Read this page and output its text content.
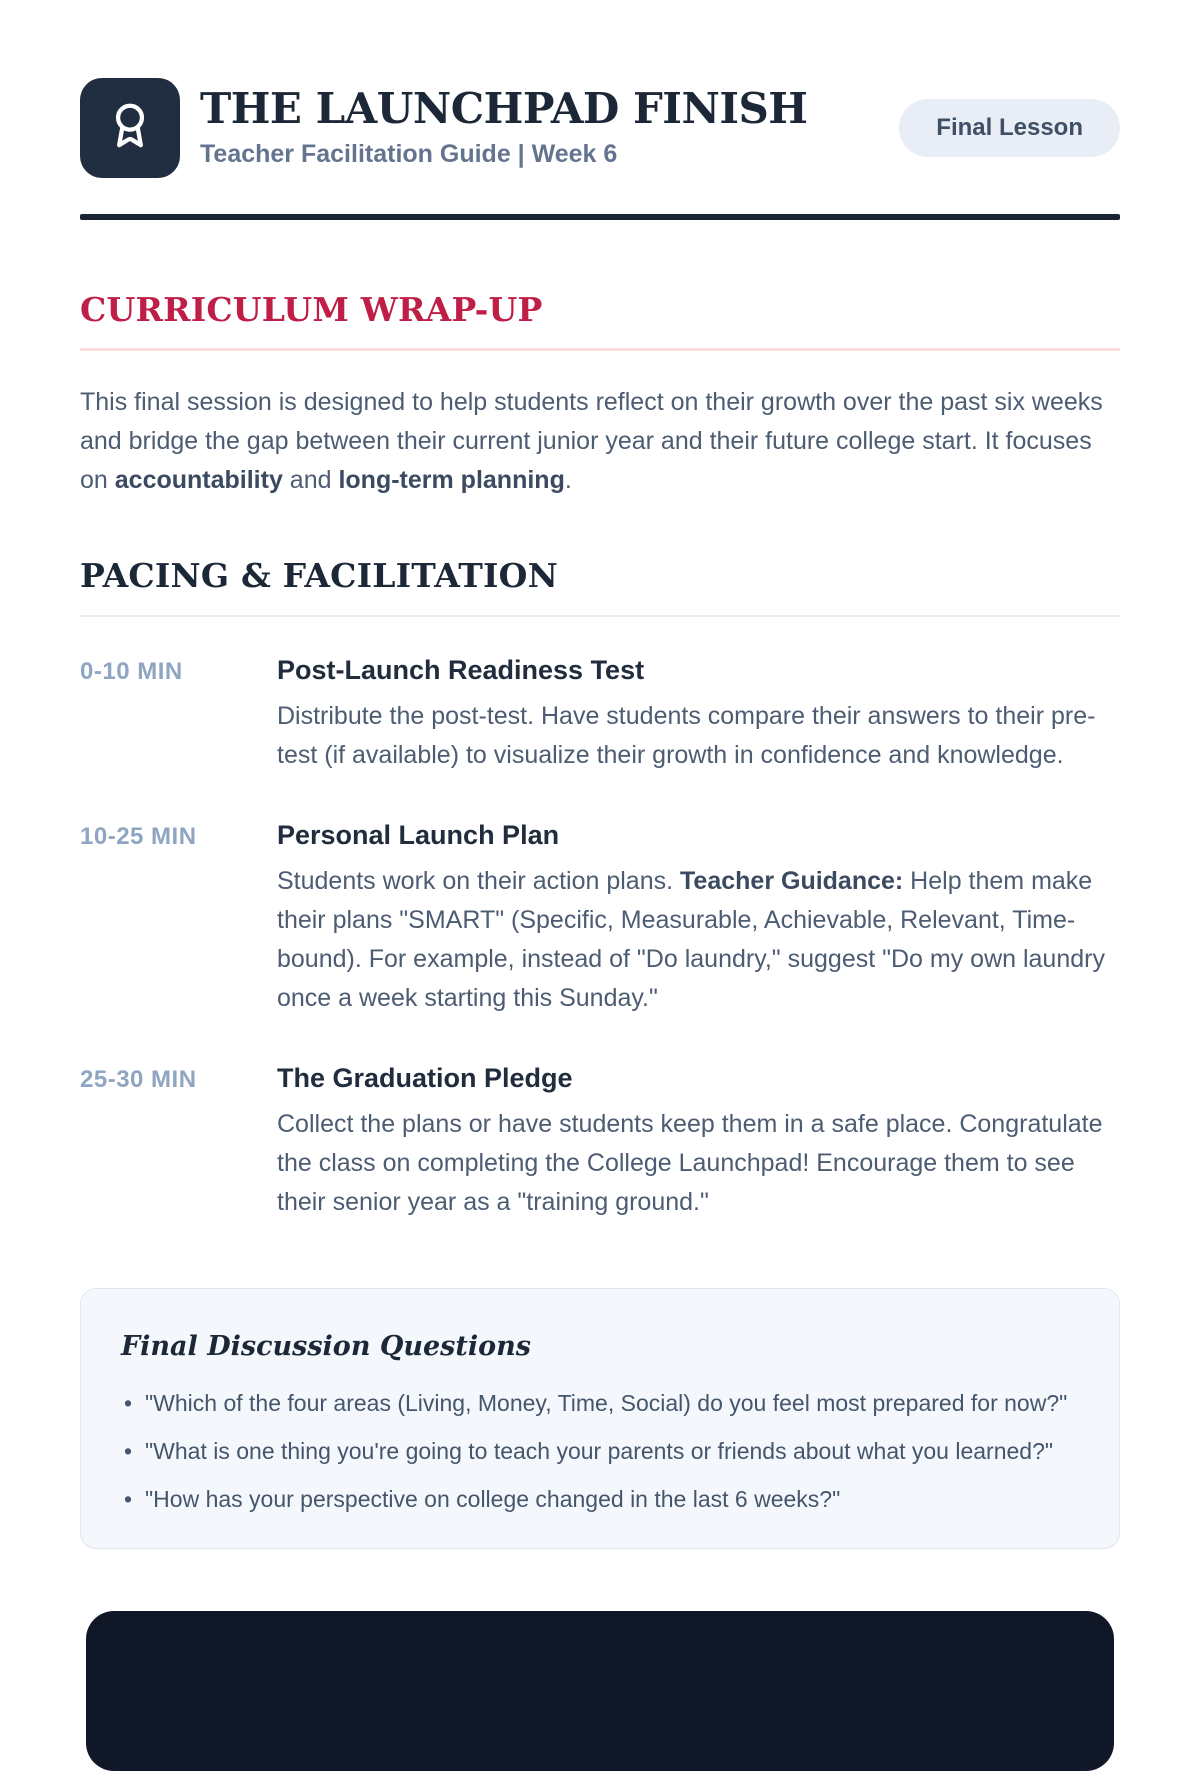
THE LAUNCHPAD FINISH
Teacher Facilitation Guide | Week 6
Final Lesson
CURRICULUM WRAP-UP

This final session is designed to help students reflect on their growth over the past six weeks and bridge the gap between their current junior year and their future college start. It focuses on accountability and long-term planning.

PACING & FACILITATION
0-10 MIN	Post-Launch Readiness Test
Distribute the post-test. Have students compare their answers to their pre-test (if available) to visualize their growth in confidence and knowledge.
10-25 MIN	Personal Launch Plan
Students work on their action plans. Teacher Guidance: Help them make their plans "SMART" (Specific, Measurable, Achievable, Relevant, Time-bound). For example, instead of "Do laundry," suggest "Do my own laundry once a week starting this Sunday."
25-30 MIN	The Graduation Pledge
Collect the plans or have students keep them in a safe place. Congratulate the class on completing the College Launchpad! Encourage them to see their senior year as a "training ground."
Final Discussion Questions
• "Which of the four areas (Living, Money, Time, Social) do you feel most prepared for now?"
• "What is one thing you're going to teach your parents or friends about what you learned?"
• "How has your perspective on college changed in the last 6 weeks?"
